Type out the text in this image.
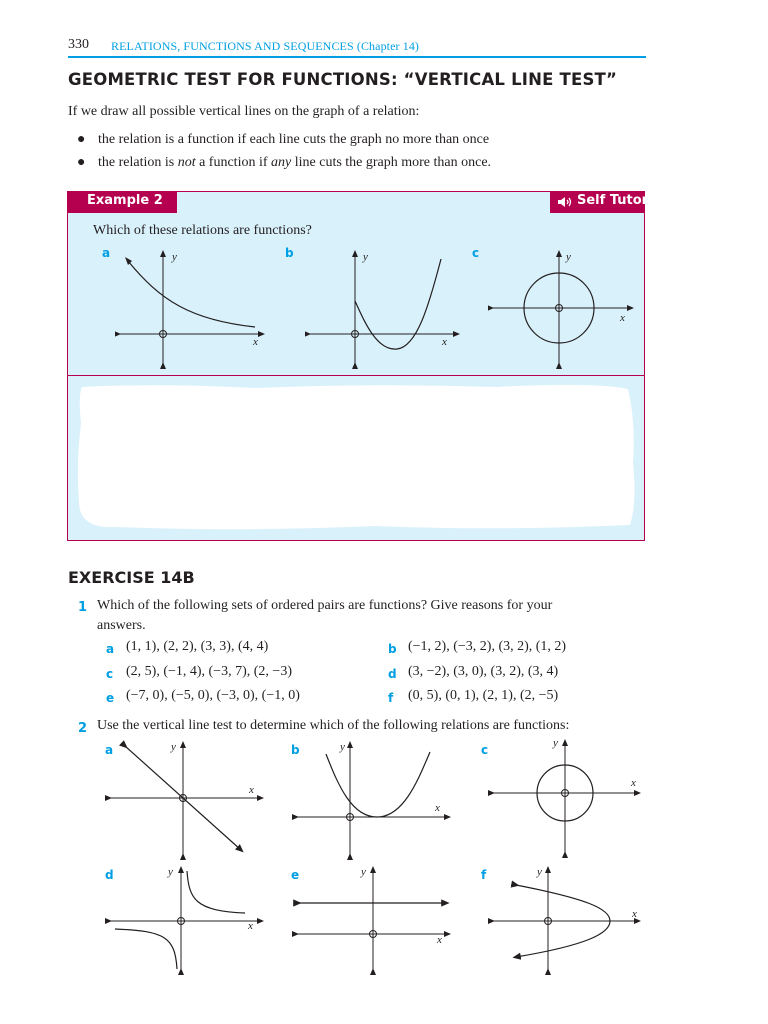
330 RELATIONS, FUNCTIONS AND SEQUENCES (Chapter 14)
GEOMETRIC TEST FOR FUNCTIONS: “VERTICAL LINE TEST”
If we draw all possible vertical lines on the graph of a relation:
● the relation is a function if each line cuts the graph no more than once
● the relation is not a function if any line cuts the graph more than once.
Example 2	Self Tutor
Which of these relations are functions?
a	b	c
y
x
y
x
y
x
EXERCISE 14B
1 Which of the following sets of ordered pairs are functions? Give reasons for your
answers.
a (1, 1), (2, 2), (3, 3), (4, 4)	b (−1, 2), (−3, 2), (3, 2), (1, 2)
c (2, 5), (−1, 4), (−3, 7), (2, −3)	d (3, −2), (3, 0), (3, 2), (3, 4)
e (−7, 0), (−5, 0), (−3, 0), (−1, 0)	f (0, 5), (0, 1), (2, 1), (2, −5)
2 Use the vertical line test to determine which of the following relations are functions:
a	b	c
d	e	f
y
x
y
x
y
x
y
x
y
x
y
x
